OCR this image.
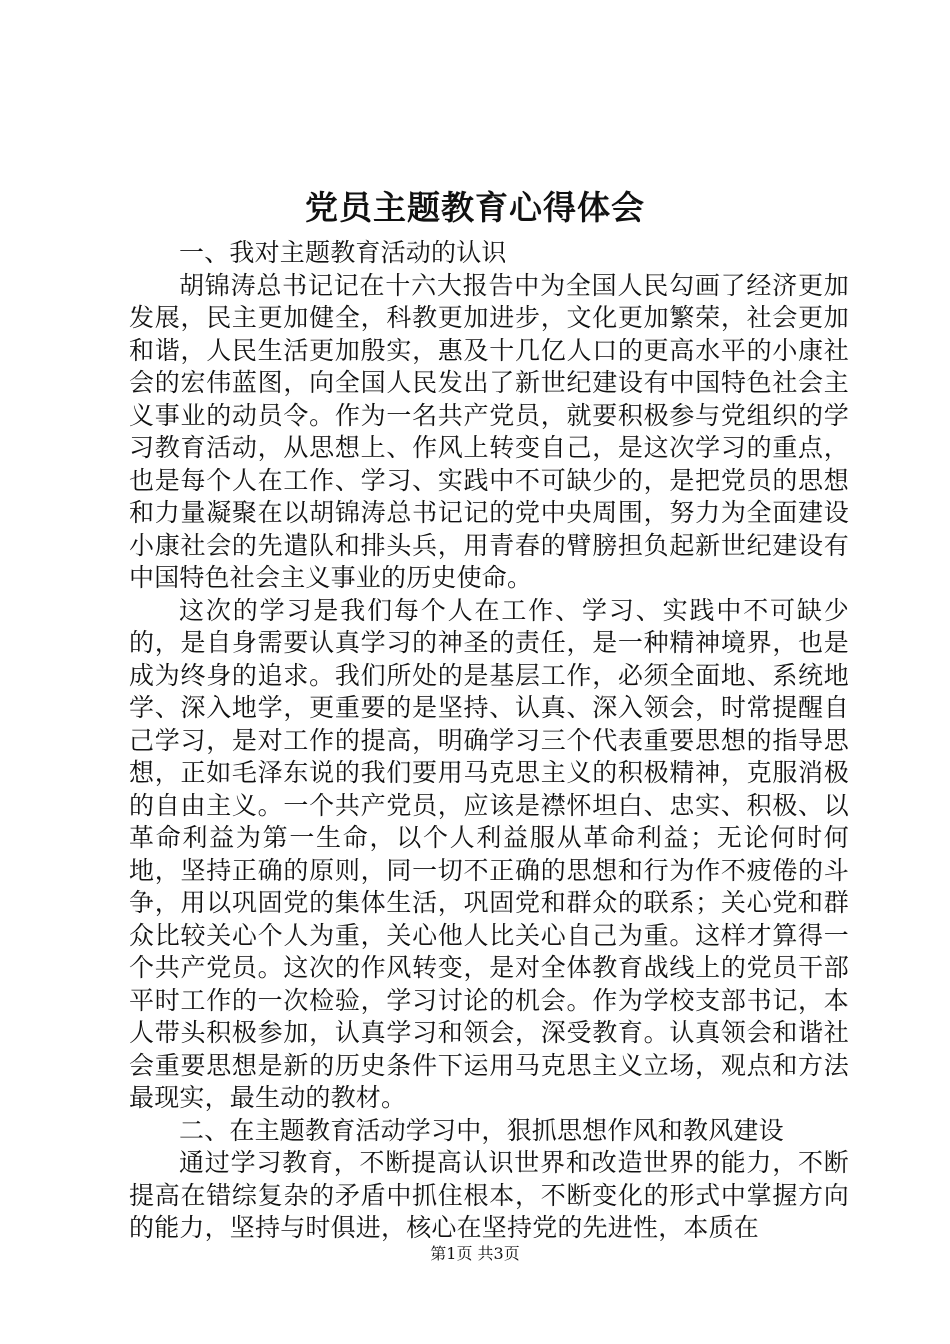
党员主题教育心得体会

一、我对主题教育活动的认识

胡锦涛总书记记在十六大报告中为全国人民勾画了经济更加发展，民主更加健全，科教更加进步，文化更加繁荣，社会更加和谐，人民生活更加殷实，惠及十几亿人口的更高水平的小康社会的宏伟蓝图，向全国人民发出了新世纪建设有中国特色社会主义事业的动员令。作为一名共产党员，就要积极参与党组织的学习教育活动，从思想上、作风上转变自己，是这次学习的重点，也是每个人在工作、学习、实践中不可缺少的，是把党员的思想和力量凝聚在以胡锦涛总书记记的党中央周围，努力为全面建设小康社会的先遣队和排头兵，用青春的臂膀担负起新世纪建设有中国特色社会主义事业的历史使命。

这次的学习是我们每个人在工作、学习、实践中不可缺少的，是自身需要认真学习的神圣的责任，是一种精神境界，也是成为终身的追求。我们所处的是基层工作，必须全面地、系统地学、深入地学，更重要的是坚持、认真、深入领会，时常提醒自己学习，是对工作的提高，明确学习三个代表重要思想的指导思想，正如毛泽东说的我们要用马克思主义的积极精神，克服消极的自由主义。一个共产党员，应该是襟怀坦白、忠实、积极、以革命利益为第一生命，以个人利益服从革命利益；无论何时何地，坚持正确的原则，同一切不正确的思想和行为作不疲倦的斗争，用以巩固党的集体生活，巩固党和群众的联系；关心党和群众比较关心个人为重，关心他人比关心自己为重。这样才算得一个共产党员。这次的作风转变，是对全体教育战线上的党员干部平时工作的一次检验，学习讨论的机会。作为学校支部书记，本人带头积极参加，认真学习和领会，深受教育。认真领会和谐社会重要思想是新的历史条件下运用马克思主义立场，观点和方法最现实，最生动的教材。

二、在主题教育活动学习中，狠抓思想作风和教风建设

通过学习教育，不断提高认识世界和改造世界的能力，不断提高在错综复杂的矛盾中抓住根本，不断变化的形式中掌握方向的能力，坚持与时俱进，核心在坚持党的先进性，本质在

第1页 共3页
